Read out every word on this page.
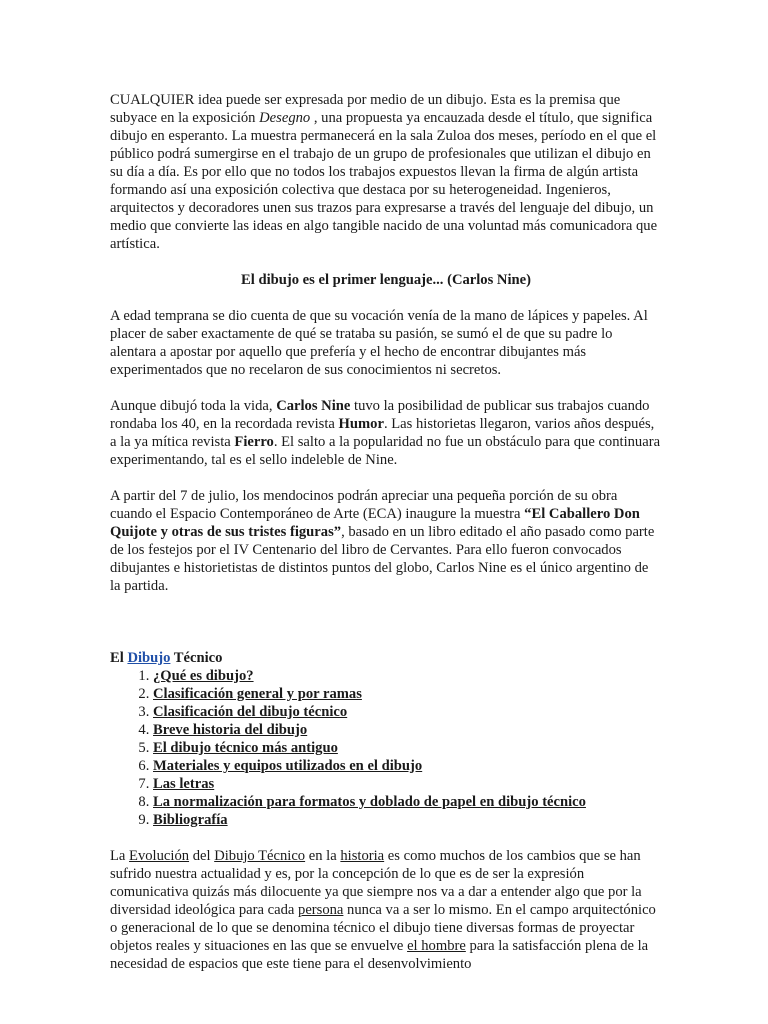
CUALQUIER idea puede ser expresada por medio de un dibujo. Esta es la premisa que subyace en la exposición Desegno , una propuesta ya encauzada desde el título, que significa dibujo en esperanto. La muestra permanecerá en la sala Zuloa dos meses, período en el que el público podrá sumergirse en el trabajo de un grupo de profesionales que utilizan el dibujo en su día a día. Es por ello que no todos los trabajos expuestos llevan la firma de algún artista formando así una exposición colectiva que destaca por su heterogeneidad. Ingenieros, arquitectos y decoradores unen sus trazos para expresarse a través del lenguaje del dibujo, un medio que convierte las ideas en algo tangible nacido de una voluntad más comunicadora que artística.

El dibujo es el primer lenguaje... (Carlos Nine)

A edad temprana se dio cuenta de que su vocación venía de la mano de lápices y papeles. Al placer de saber exactamente de qué se trataba su pasión, se sumó el de que su padre lo alentara a apostar por aquello que prefería y el hecho de encontrar dibujantes más experimentados que no recelaron de sus conocimientos ni secretos.

Aunque dibujó toda la vida, Carlos Nine tuvo la posibilidad de publicar sus trabajos cuando rondaba los 40, en la recordada revista Humor. Las historietas llegaron, varios años después, a la ya mítica revista Fierro. El salto a la popularidad no fue un obstáculo para que continuara experimentando, tal es el sello indeleble de Nine.

A partir del 7 de julio, los mendocinos podrán apreciar una pequeña porción de su obra cuando el Espacio Contemporáneo de Arte (ECA) inaugure la muestra “El Caballero Don Quijote y otras de sus tristes figuras”, basado en un libro editado el año pasado como parte de los festejos por el IV Centenario del libro de Cervantes. Para ello fueron convocados dibujantes e historietistas de distintos puntos del globo, Carlos Nine es el único argentino de la partida.

El Dibujo Técnico
1. ¿Qué es dibujo?
2. Clasificación general y por ramas
3. Clasificación del dibujo técnico
4. Breve historia del dibujo
5. El dibujo técnico más antiguo
6. Materiales y equipos utilizados en el dibujo
7. Las letras
8. La normalización para formatos y doblado de papel en dibujo técnico
9. Bibliografía

La Evolución del Dibujo Técnico en la historia es como muchos de los cambios que se han sufrido nuestra actualidad y es, por la concepción de lo que es de ser la expresión comunicativa quizás más dilocuente ya que siempre nos va a dar a entender algo que por la diversidad ideológica para cada persona nunca va a ser lo mismo. En el campo arquitectónico o generacional de lo que se denomina técnico el dibujo tiene diversas formas de proyectar objetos reales y situaciones en las que se envuelve el hombre para la satisfacción plena de la necesidad de espacios que este tiene para el desenvolvimiento
